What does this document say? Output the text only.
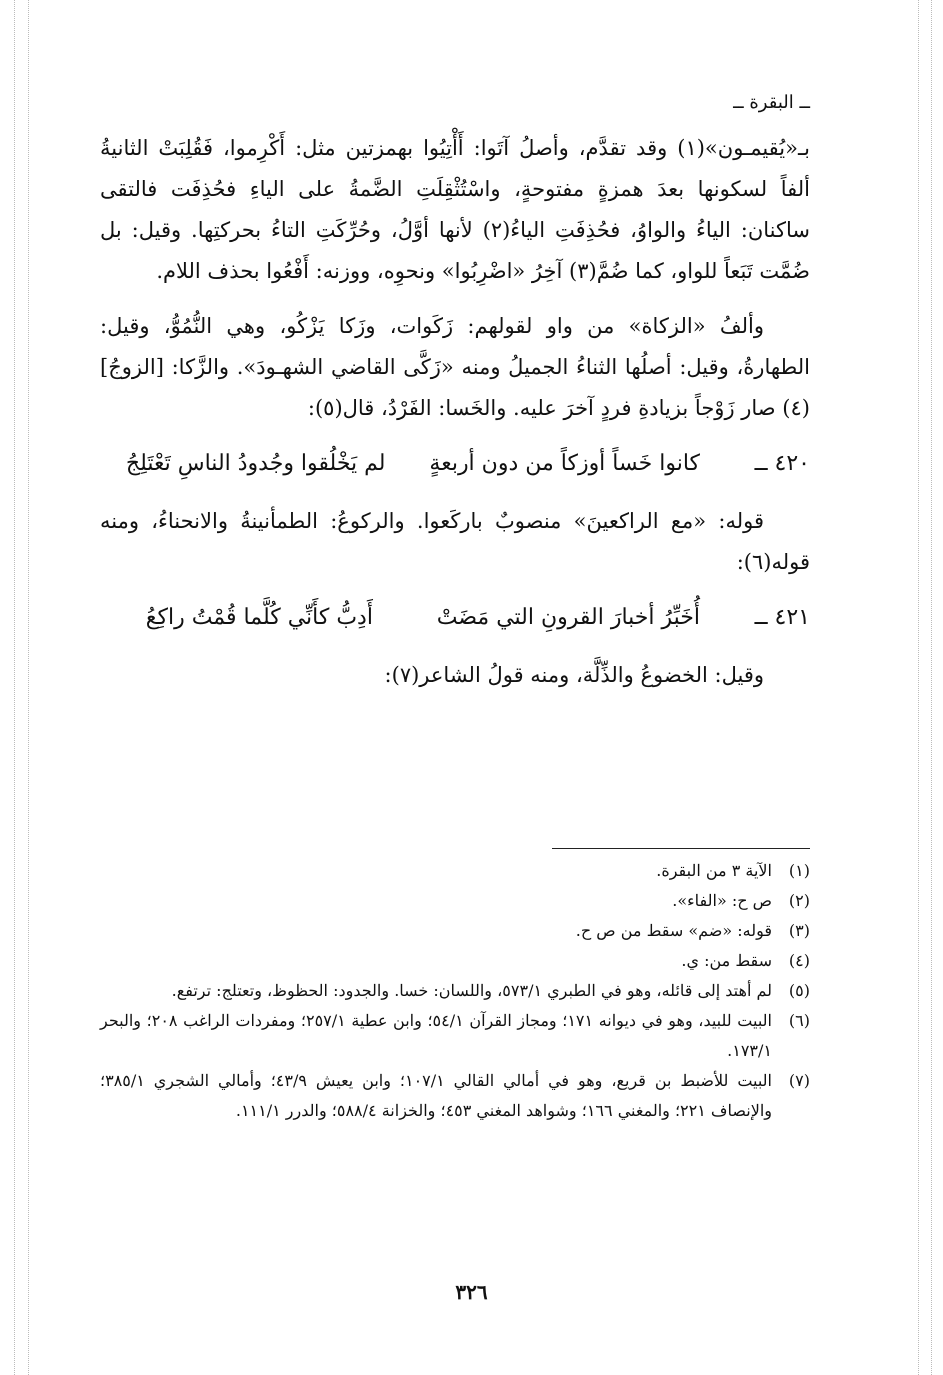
ــ البقرة ــ

بـ«يُقيمـون»(١) وقد تقدَّم، وأصلُ آتَوا: أَأْتِيُوا بهمزتين مثل: أَكْرِموا، فَقُلِبَتْ الثانيةُ ألفاً لسكونها بعدَ همزةٍ مفتوحةٍ، واسْتُثْقِلَتِ الضَّمةُ على الياءِ فحُذِفَت فالتقى ساكنان: الياءُ والواوُ، فحُذِفَتِ الياءُ(٢) لأنها أوَّلُ، وحُرِّكَتِ التاءُ بحركتِها. وقيل: بل ضُمَّت تَبَعاً للواو، كما ضُمَّ(٣) آخِرُ «اضْرِبُوا» ونحوِه، ووزنه: أَفْعُوا بحذف اللام.

وألفُ «الزكاة» من واو لقولهم: زَكَوات، وزَكا يَزْكُو، وهي النُّمُوُّ، وقيل: الطهارةُ، وقيل: أصلُها الثناءُ الجميلُ ومنه «زَكَّى القاضي الشهـودَ». والزَّكا: [الزوجُ](٤) صار زَوْجاً بزيادةِ فردٍ آخرَ عليه. والخَسا: الفَرْدُ، قال(٥):

٤٢٠ ــ
كانوا خَساً أوزكاً من دون أربعةٍ
لم يَخْلُقوا وجُدودُ الناسِ تَعْتَلِجُ

قوله: «مع الراكعينَ» منصوبٌ باركَعوا. والركوعُ: الطمأنينةُ والانحناءُ، ومنه قوله(٦):

٤٢١ ــ
أُخَبِّرُ أخبارَ القرونِ التي مَضَتْ
أَدِبُّ كأَنِّي كُلَّما قُمْتُ راكِعُ

وقيل: الخضوعُ والذِّلَّة، ومنه قولُ الشاعر(٧):

(١)
الآية ٣ من البقرة.
(٢)
ص ح: «الفاء».
(٣)
قوله: «ضم» سقط من ص ح.
(٤)
سقط من: ي.
(٥)
لم أهتد إلى قائله، وهو في الطبري ٥٧٣/١، واللسان: خسا. والجدود: الحظوظ، وتعتلج: ترتفع.
(٦)
البيت للبيد، وهو في ديوانه ١٧١؛ ومجاز القرآن ٥٤/١؛ وابن عطية ٢٥٧/١؛ ومفردات الراغب ٢٠٨؛ والبحر ١٧٣/١.
(٧)
البيت للأضبط بن قريع، وهو في أمالي القالي ١٠٧/١؛ وابن يعيش ٤٣/٩؛ وأمالي الشجري ٣٨٥/١؛ والإنصاف ٢٢١؛ والمغني ١٦٦؛ وشواهد المغني ٤٥٣؛ والخزانة ٥٨٨/٤؛ والدرر ١١١/١.
٣٢٦
